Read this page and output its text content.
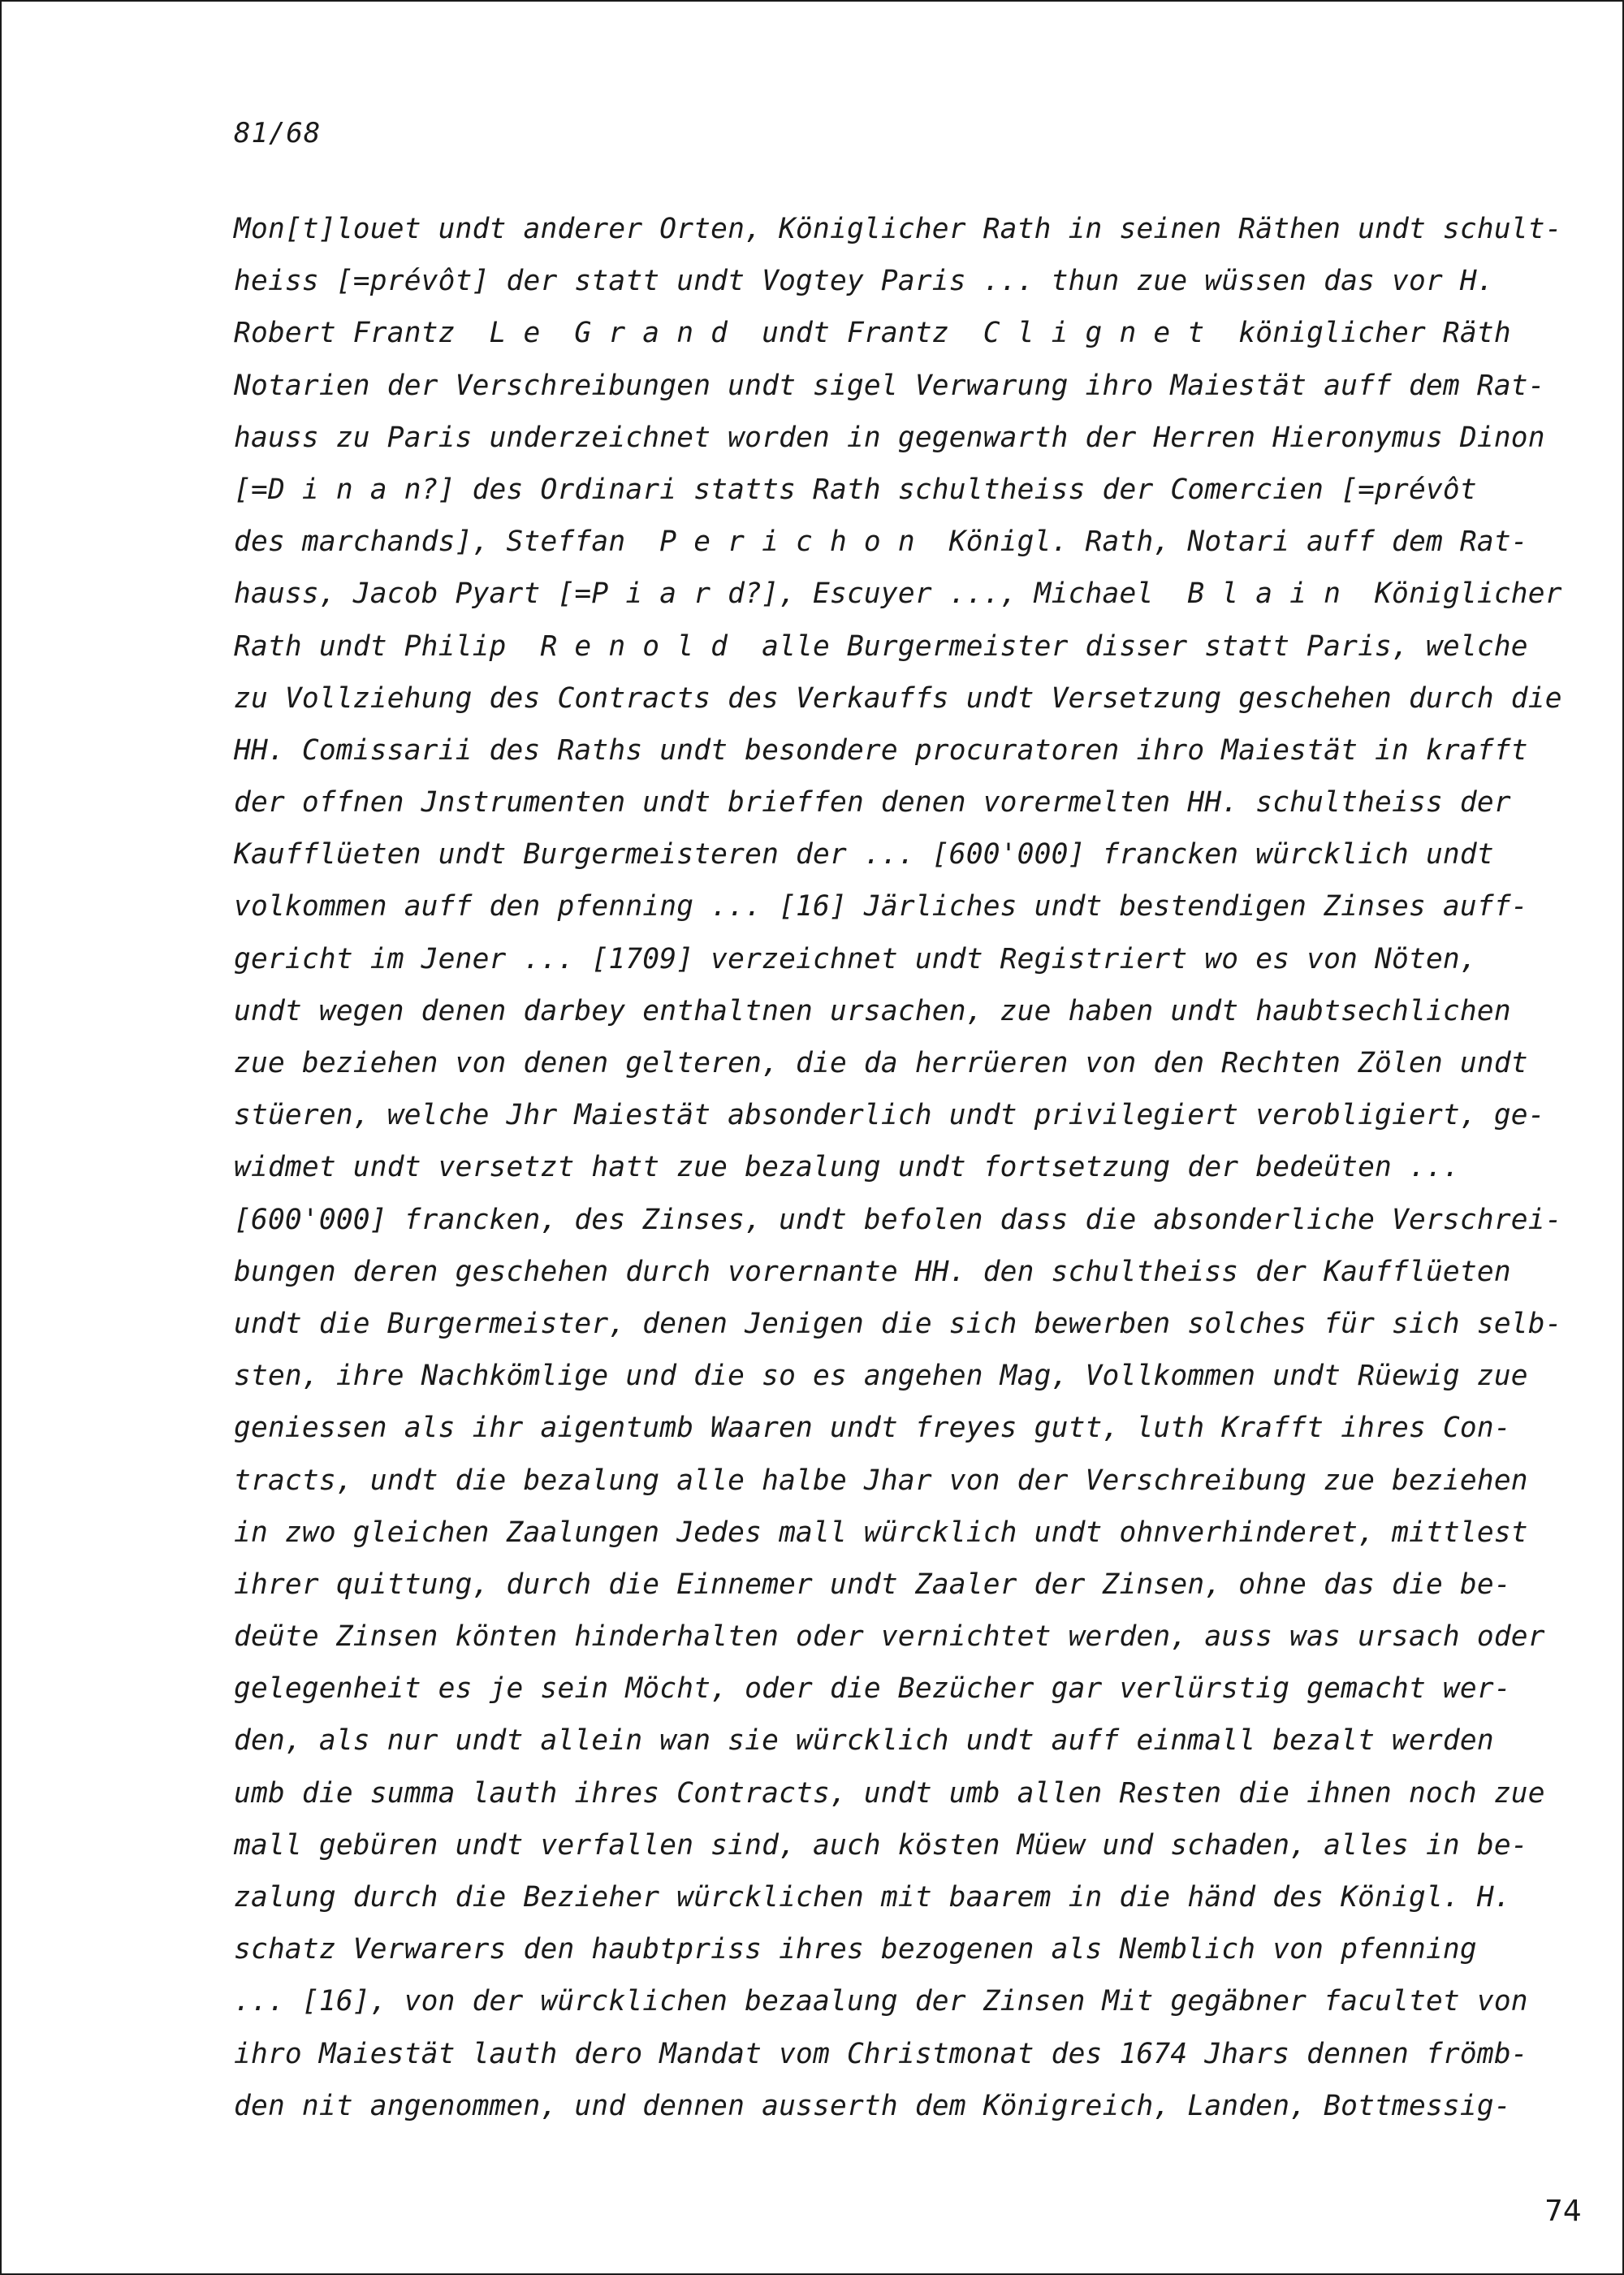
81/68
Mon[t]louet undt anderer Orten, Königlicher Rath in seinen Räthen undt schult-
heiss [=prévôt] der statt undt Vogtey Paris ... thun zue wüssen das vor H.
Robert Frantz  L e  G r a n d  undt Frantz  C l i g n e t  königlicher Räth
Notarien der Verschreibungen undt sigel Verwarung ihro Maiestät auff dem Rat-
hauss zu Paris underzeichnet worden in gegenwarth der Herren Hieronymus Dinon
[=D i n a n?] des Ordinari statts Rath schultheiss der Comercien [=prévôt
des marchands], Steffan  P e r i c h o n  Königl. Rath, Notari auff dem Rat-
hauss, Jacob Pyart [=P i a r d?], Escuyer ..., Michael  B l a i n  Königlicher
Rath undt Philip  R e n o l d  alle Burgermeister disser statt Paris, welche
zu Vollziehung des Contracts des Verkauffs undt Versetzung geschehen durch die
HH. Comissarii des Raths undt besondere procuratoren ihro Maiestät in krafft
der offnen Jnstrumenten undt brieffen denen vorermelten HH. schultheiss der
Kaufflüeten undt Burgermeisteren der ... [600'000] francken würcklich undt
volkommen auff den pfenning ... [16] Järliches undt bestendigen Zinses auff-
gericht im Jener ... [1709] verzeichnet undt Registriert wo es von Nöten,
undt wegen denen darbey enthaltnen ursachen, zue haben undt haubtsechlichen
zue beziehen von denen gelteren, die da herrüeren von den Rechten Zölen undt
stüeren, welche Jhr Maiestät absonderlich undt privilegiert verobligiert, ge-
widmet undt versetzt hatt zue bezalung undt fortsetzung der bedeüten ...
[600'000] francken, des Zinses, undt befolen dass die absonderliche Verschrei-
bungen deren geschehen durch vorernante HH. den schultheiss der Kaufflüeten
undt die Burgermeister, denen Jenigen die sich bewerben solches für sich selb-
sten, ihre Nachkömlige und die so es angehen Mag, Vollkommen undt Rüewig zue
geniessen als ihr aigentumb Waaren undt freyes gutt, luth Krafft ihres Con-
tracts, undt die bezalung alle halbe Jhar von der Verschreibung zue beziehen
in zwo gleichen Zaalungen Jedes mall würcklich undt ohnverhinderet, mittlest
ihrer quittung, durch die Einnemer undt Zaaler der Zinsen, ohne das die be-
deüte Zinsen könten hinderhalten oder vernichtet werden, auss was ursach oder
gelegenheit es je sein Möcht, oder die Bezücher gar verlürstig gemacht wer-
den, als nur undt allein wan sie würcklich undt auff einmall bezalt werden
umb die summa lauth ihres Contracts, undt umb allen Resten die ihnen noch zue
mall gebüren undt verfallen sind, auch kösten Müew und schaden, alles in be-
zalung durch die Bezieher würcklichen mit baarem in die händ des Königl. H.
schatz Verwarers den haubtpriss ihres bezogenen als Nemblich von pfenning
... [16], von der würcklichen bezaalung der Zinsen Mit gegäbner facultet von
ihro Maiestät lauth dero Mandat vom Christmonat des 1674 Jhars dennen frömb-
den nit angenommen, und dennen ausserth dem Königreich, Landen, Bottmessig-
74
